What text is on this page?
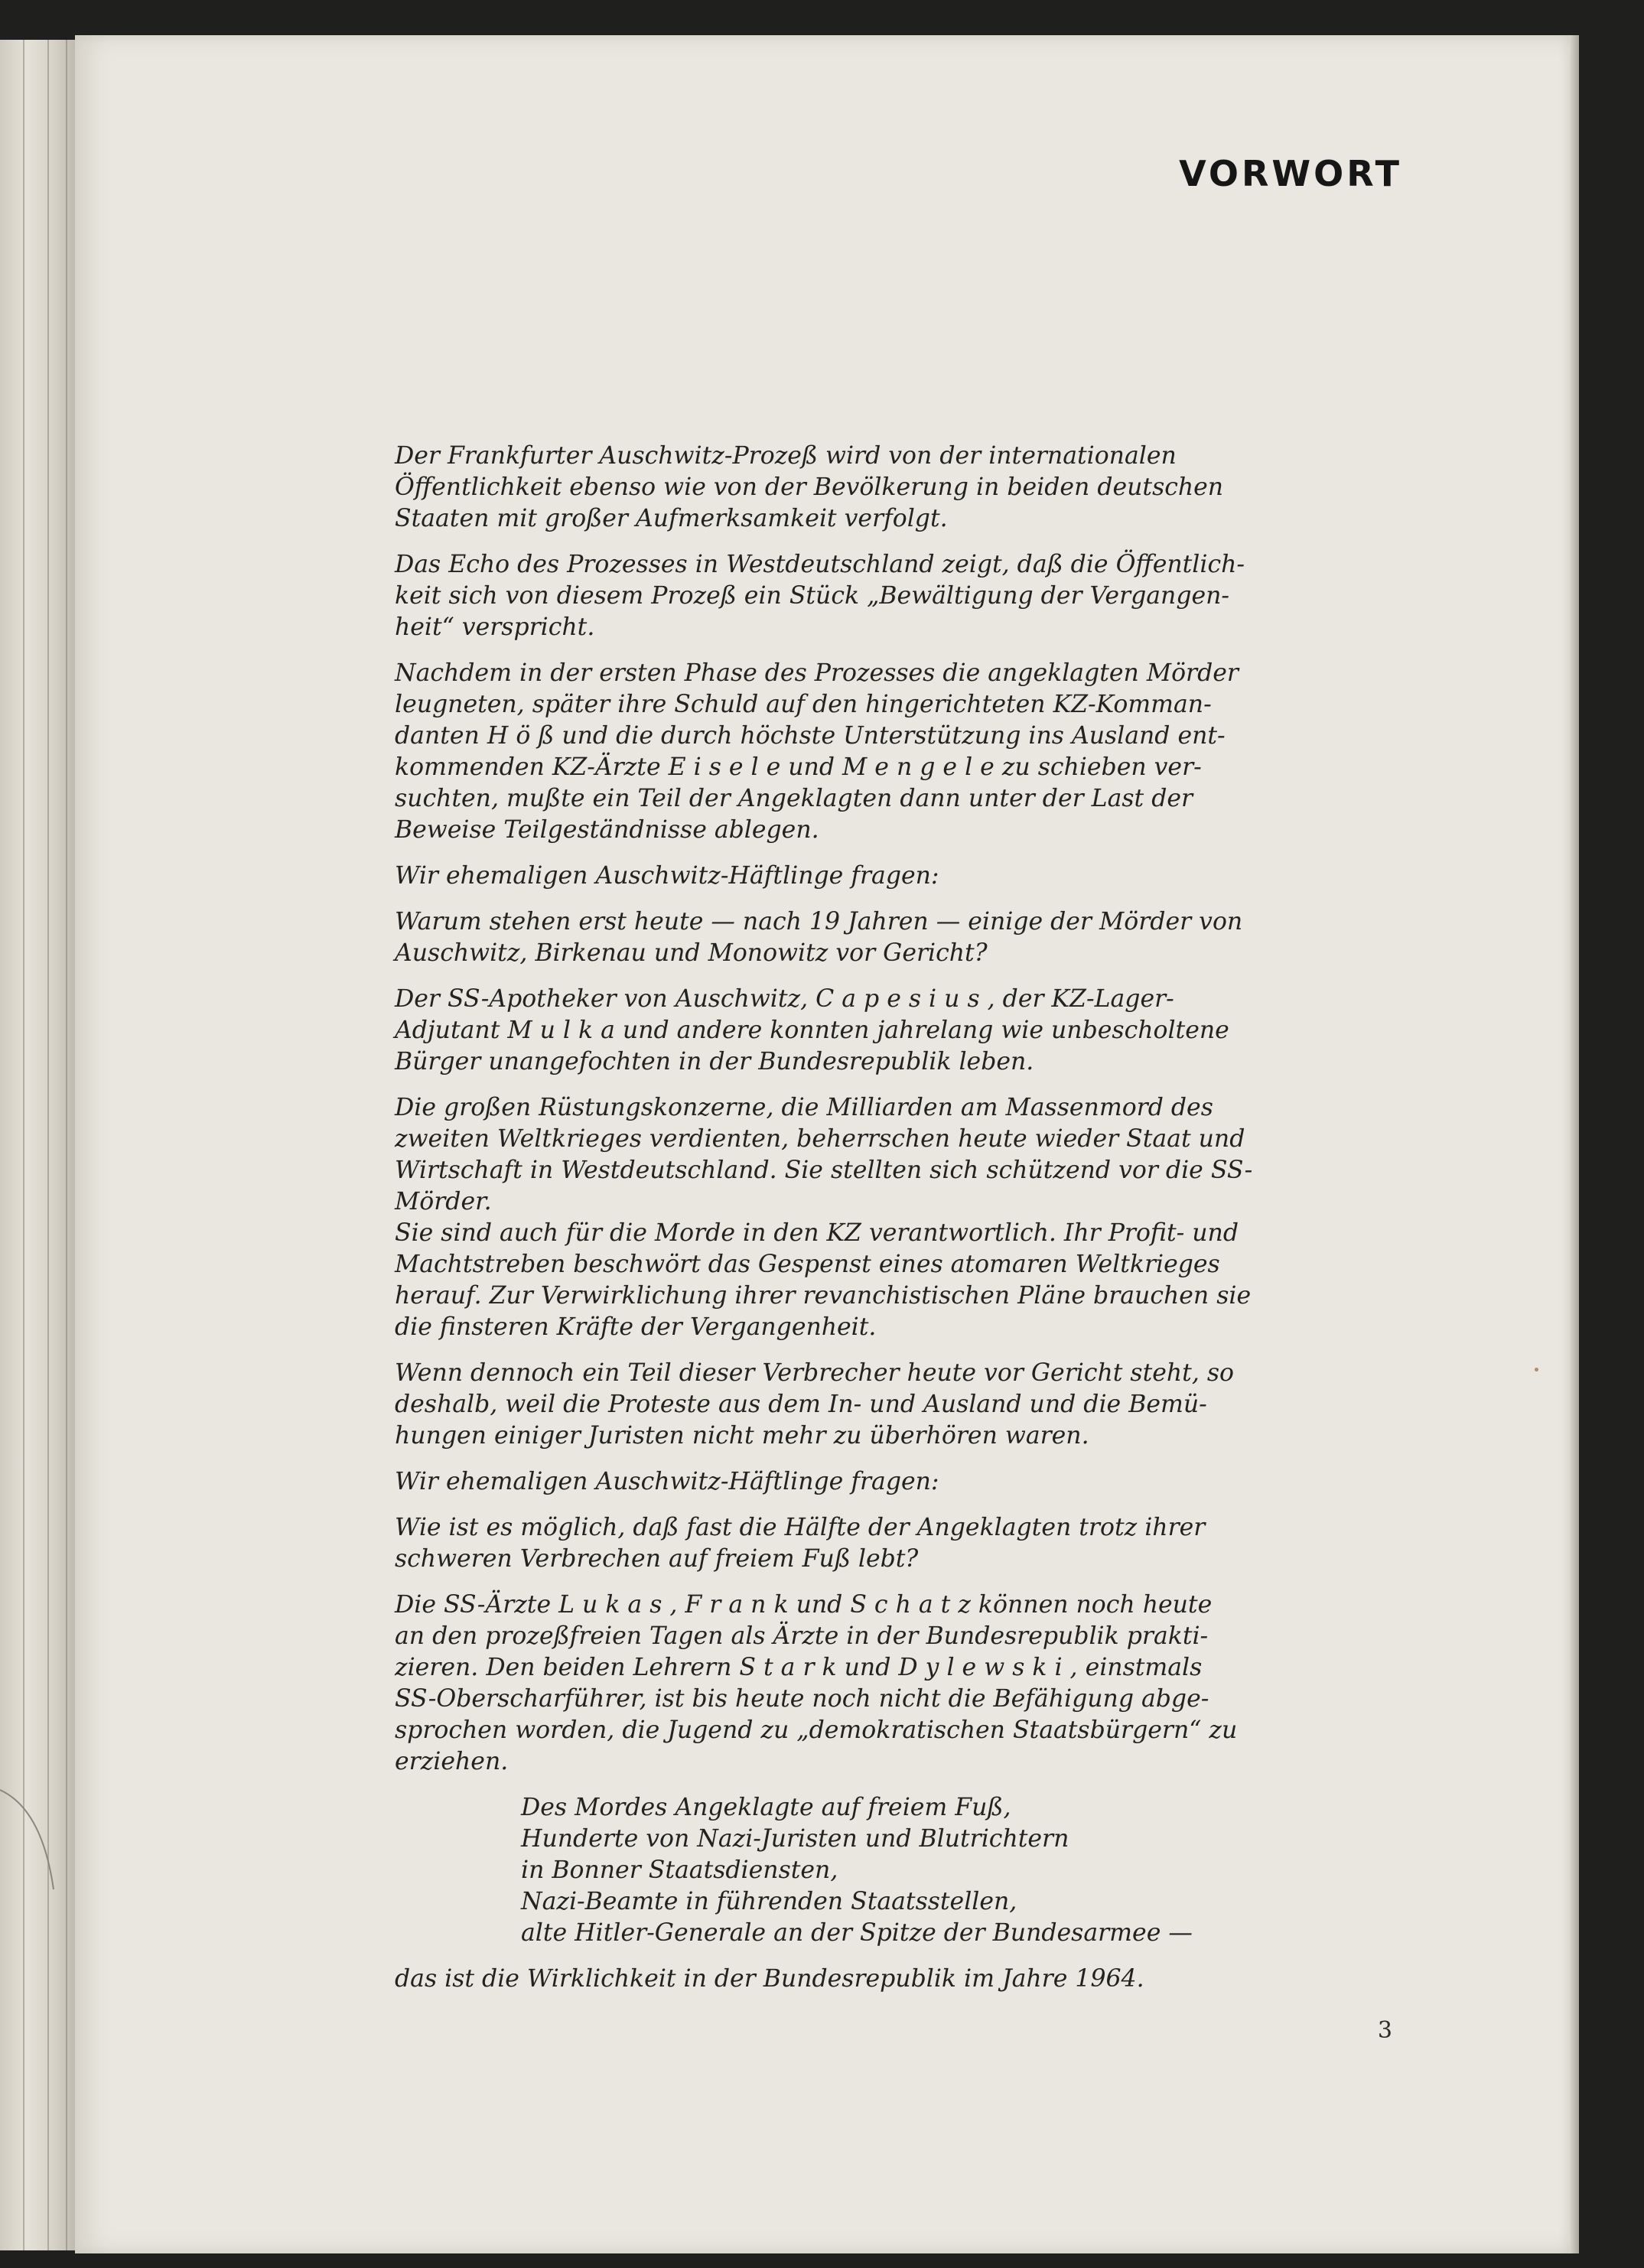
VORWORT

Der Frankfurter Auschwitz-Prozeß wird von der internationalen
Öffentlichkeit ebenso wie von der Bevölkerung in beiden deutschen
Staaten mit großer Aufmerksamkeit verfolgt.

Das Echo des Prozesses in Westdeutschland zeigt, daß die Öffentlich-
keit sich von diesem Prozeß ein Stück „Bewältigung der Vergangen-
heit“ verspricht.

Nachdem in der ersten Phase des Prozesses die angeklagten Mörder
leugneten, später ihre Schuld auf den hingerichteten KZ-Komman-
danten H ö ß und die durch höchste Unterstützung ins Ausland ent-
kommenden KZ-Ärzte E i s e l e und M e n g e l e zu schieben ver-
suchten, mußte ein Teil der Angeklagten dann unter der Last der
Beweise Teilgeständnisse ablegen.

Wir ehemaligen Auschwitz-Häftlinge fragen:

Warum stehen erst heute — nach 19 Jahren — einige der Mörder von
Auschwitz, Birkenau und Monowitz vor Gericht?

Der SS-Apotheker von Auschwitz, C a p e s i u s , der KZ-Lager-
Adjutant M u l k a und andere konnten jahrelang wie unbescholtene
Bürger unangefochten in der Bundesrepublik leben.

Die großen Rüstungskonzerne, die Milliarden am Massenmord des
zweiten Weltkrieges verdienten, beherrschen heute wieder Staat und
Wirtschaft in Westdeutschland. Sie stellten sich schützend vor die SS-
Mörder.

Sie sind auch für die Morde in den KZ verantwortlich. Ihr Profit- und
Machtstreben beschwört das Gespenst eines atomaren Weltkrieges
herauf. Zur Verwirklichung ihrer revanchistischen Pläne brauchen sie
die finsteren Kräfte der Vergangenheit.

Wenn dennoch ein Teil dieser Verbrecher heute vor Gericht steht, so
deshalb, weil die Proteste aus dem In- und Ausland und die Bemü-
hungen einiger Juristen nicht mehr zu überhören waren.

Wir ehemaligen Auschwitz-Häftlinge fragen:

Wie ist es möglich, daß fast die Hälfte der Angeklagten trotz ihrer
schweren Verbrechen auf freiem Fuß lebt?

Die SS-Ärzte L u k a s , F r a n k und S c h a t z können noch heute
an den prozeßfreien Tagen als Ärzte in der Bundesrepublik prakti-
zieren. Den beiden Lehrern S t a r k und D y l e w s k i , einstmals
SS-Oberscharführer, ist bis heute noch nicht die Befähigung abge-
sprochen worden, die Jugend zu „demokratischen Staatsbürgern“ zu
erziehen.

Des Mordes Angeklagte auf freiem Fuß,
Hunderte von Nazi-Juristen und Blutrichtern
in Bonner Staatsdiensten,
Nazi-Beamte in führenden Staatsstellen,
alte Hitler-Generale an der Spitze der Bundesarmee —

das ist die Wirklichkeit in der Bundesrepublik im Jahre 1964.

3
